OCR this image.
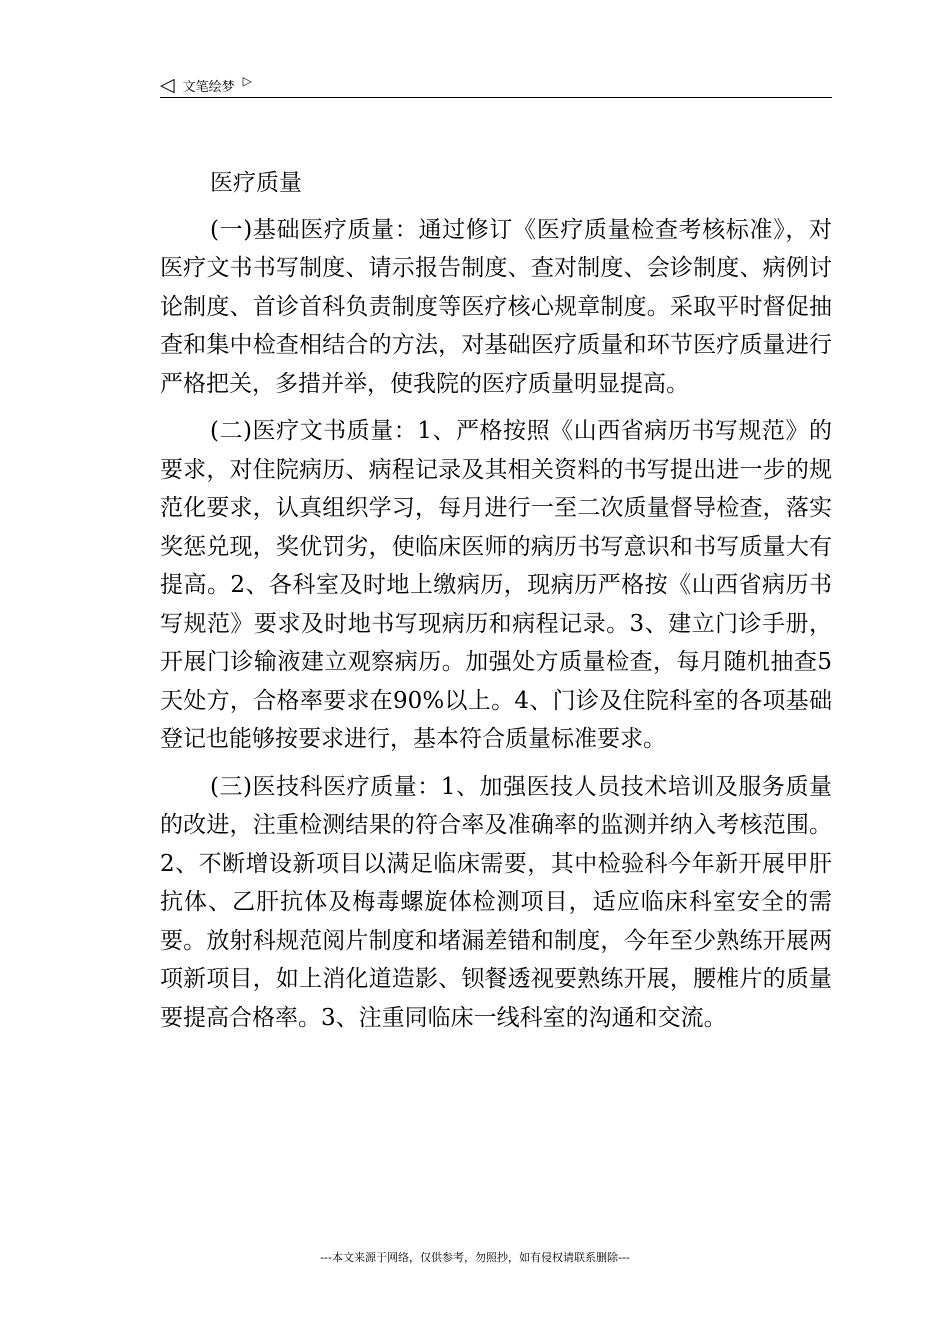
◁ 文笔绘梦 ▷

医疗质量

(一)基础医疗质量：通过修订《医疗质量检查考核标准》，对医疗文书书写制度、请示报告制度、查对制度、会诊制度、病例讨论制度、首诊首科负责制度等医疗核心规章制度。采取平时督促抽查和集中检查相结合的方法，对基础医疗质量和环节医疗质量进行严格把关，多措并举，使我院的医疗质量明显提高。

(二)医疗文书质量：1、严格按照《山西省病历书写规范》的要求，对住院病历、病程记录及其相关资料的书写提出进一步的规范化要求，认真组织学习，每月进行一至二次质量督导检查，落实奖惩兑现，奖优罚劣，使临床医师的病历书写意识和书写质量大有提高。2、各科室及时地上缴病历，现病历严格按《山西省病历书写规范》要求及时地书写现病历和病程记录。3、建立门诊手册，开展门诊输液建立观察病历。加强处方质量检查，每月随机抽查5天处方，合格率要求在90%以上。4、门诊及住院科室的各项基础登记也能够按要求进行，基本符合质量标准要求。

(三)医技科医疗质量：1、加强医技人员技术培训及服务质量的改进，注重检测结果的符合率及准确率的监测并纳入考核范围。2、不断增设新项目以满足临床需要，其中检验科今年新开展甲肝抗体、乙肝抗体及梅毒螺旋体检测项目，适应临床科室安全的需要。放射科规范阅片制度和堵漏差错和制度，今年至少熟练开展两项新项目，如上消化道造影、钡餐透视要熟练开展，腰椎片的质量要提高合格率。3、注重同临床一线科室的沟通和交流。

---本文来源于网络，仅供参考，勿照抄，如有侵权请联系删除---
